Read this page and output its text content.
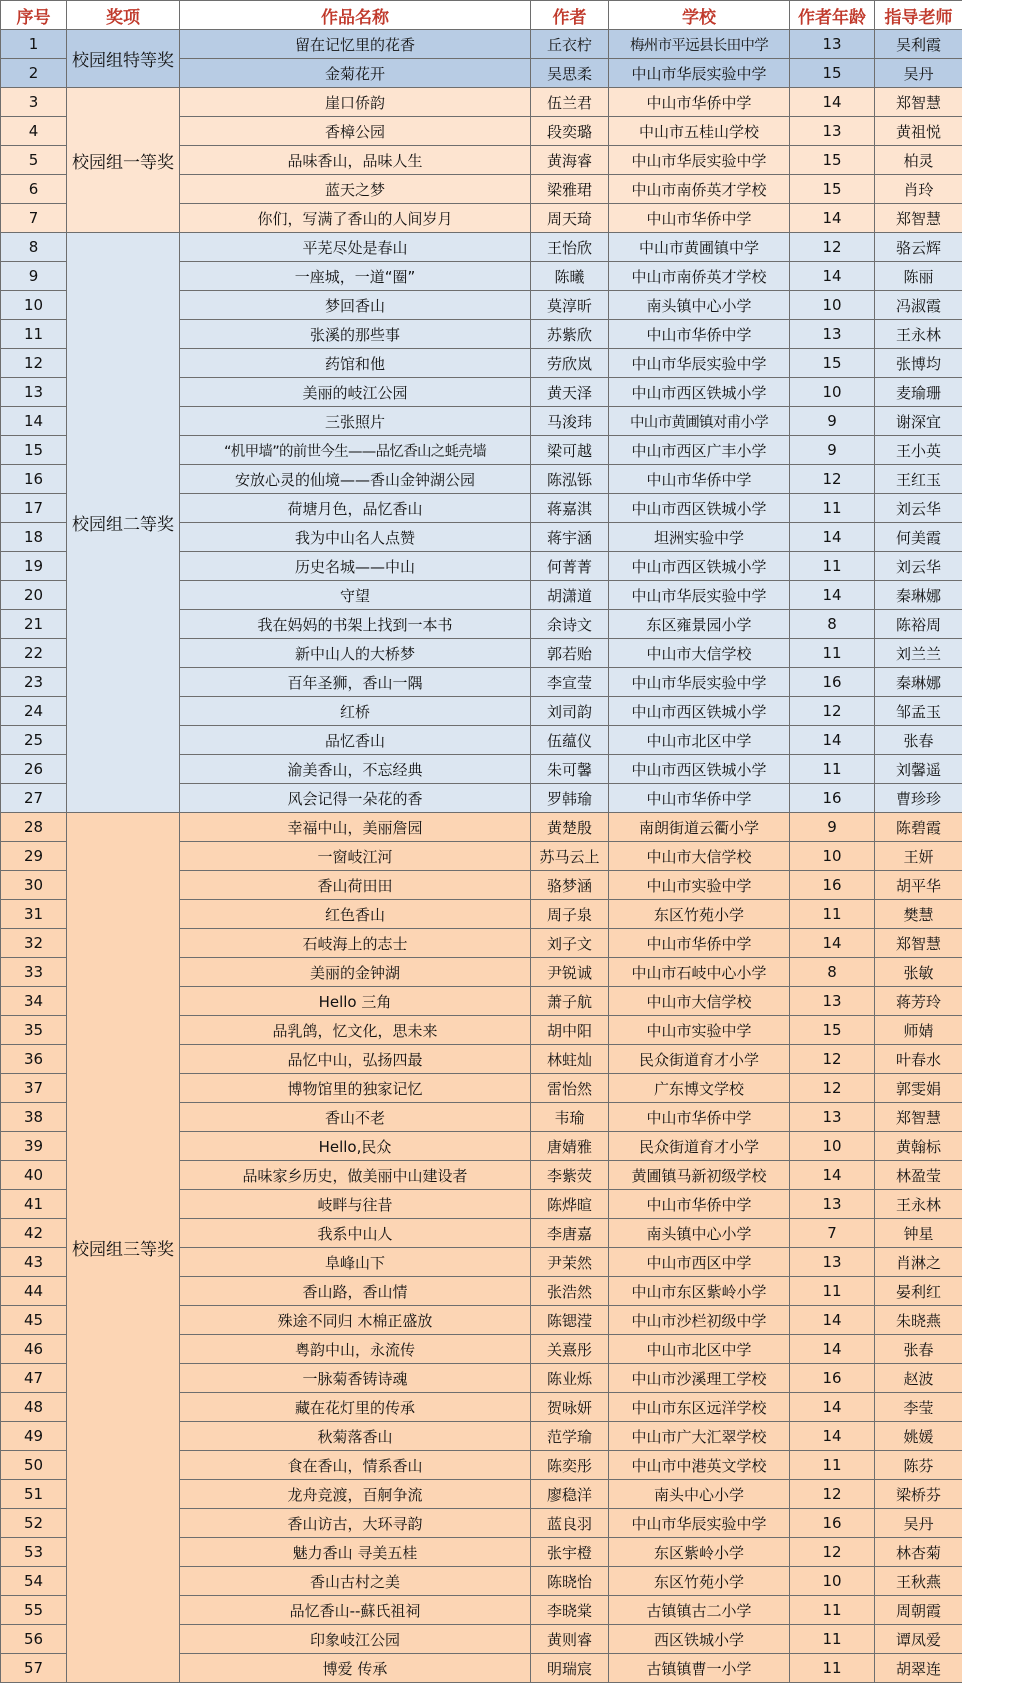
序号	奖项	作品名称	作者	学校	作者年龄	指导老师
1	校园组特等奖	留在记忆里的花香	丘衣柠	梅州市平远县长田中学	13	吴利霞
2		金菊花开	吴思柔	中山市华辰实验中学	15	吴丹
3	校园组一等奖	崖口侨韵	伍兰君	中山市华侨中学	14	郑智慧
4		香樟公园	段奕璐	中山市五桂山学校	13	黄祖悦
5		品味香山，品味人生	黄海睿	中山市华辰实验中学	15	柏灵
6		蓝天之梦	梁雅珺	中山市南侨英才学校	15	肖玲
7		你们，写满了香山的人间岁月	周天琦	中山市华侨中学	14	郑智慧
8	校园组二等奖	平芜尽处是春山	王怡欣	中山市黄圃镇中学	12	骆云辉
9		一座城，一道“圈”	陈曦	中山市南侨英才学校	14	陈丽
10		梦回香山	莫淳昕	南头镇中心小学	10	冯淑霞
11		张溪的那些事	苏紫欣	中山市华侨中学	13	王永林
12		药馆和他	劳欣岚	中山市华辰实验中学	15	张博均
13		美丽的岐江公园	黄天泽	中山市西区铁城小学	10	麦瑜珊
14		三张照片	马浚玮	中山市黄圃镇对甫小学	9	谢深宜
15		“机甲墙”的前世今生——品忆香山之蚝壳墙	梁可越	中山市西区广丰小学	9	王小英
16		安放心灵的仙境——香山金钟湖公园	陈泓铄	中山市华侨中学	12	王红玉
17		荷塘月色，品忆香山	蒋嘉淇	中山市西区铁城小学	11	刘云华
18		我为中山名人点赞	蒋宇涵	坦洲实验中学	14	何美霞
19		历史名城——中山	何菁菁	中山市西区铁城小学	11	刘云华
20		守望	胡潇道	中山市华辰实验中学	14	秦琳娜
21		我在妈妈的书架上找到一本书	余诗文	东区雍景园小学	8	陈裕周
22		新中山人的大桥梦	郭若贻	中山市大信学校	11	刘兰兰
23		百年圣狮，香山一隅	李宣莹	中山市华辰实验中学	16	秦琳娜
24		红桥	刘司韵	中山市西区铁城小学	12	邹孟玉
25		品忆香山	伍蕴仪	中山市北区中学	14	张春
26		渝美香山，不忘经典	朱可馨	中山市西区铁城小学	11	刘馨遥
27		风会记得一朵花的香	罗韩瑜	中山市华侨中学	16	曹珍珍
28	校园组三等奖	幸福中山，美丽詹园	黄楚殷	南朗街道云衢小学	9	陈碧霞
29		一窗岐江河	苏马云上	中山市大信学校	10	王妍
30		香山荷田田	骆梦涵	中山市实验中学	16	胡平华
31		红色香山	周子泉	东区竹苑小学	11	樊慧
32		石岐海上的志士	刘子文	中山市华侨中学	14	郑智慧
33		美丽的金钟湖	尹锐诚	中山市石岐中心小学	8	张敏
34		Hello 三角	萧子航	中山市大信学校	13	蒋芳玲
35		品乳鸽，忆文化，思未来	胡中阳	中山市实验中学	15	师婧
36		品忆中山，弘扬四最	林蛀灿	民众街道育才小学	12	叶春水
37		博物馆里的独家记忆	雷怡然	广东博文学校	12	郭雯娟
38		香山不老	韦瑜	中山市华侨中学	13	郑智慧
39		Hello,民众	唐婧雅	民众街道育才小学	10	黄翰标
40		品味家乡历史，做美丽中山建设者	李紫荧	黄圃镇马新初级学校	14	林盈莹
41		岐畔与往昔	陈烨暄	中山市华侨中学	13	王永林
42		我系中山人	李唐嘉	南头镇中心小学	7	钟星
43		阜峰山下	尹茉然	中山市西区中学	13	肖淋之
44		香山路，香山情	张浩然	中山市东区紫岭小学	11	晏利红
45		殊途不同归 木棉正盛放	陈锶滢	中山市沙栏初级中学	14	朱晓燕
46		粤韵中山，永流传	关熹彤	中山市北区中学	14	张春
47		一脉菊香铸诗魂	陈业烁	中山市沙溪理工学校	16	赵波
48		藏在花灯里的传承	贺咏妍	中山市东区远洋学校	14	李莹
49		秋菊落香山	范学瑜	中山市广大汇翠学校	14	姚媛
50		食在香山，情系香山	陈奕彤	中山市中港英文学校	11	陈芬
51		龙舟竞渡，百舸争流	廖稳洋	南头中心小学	12	梁桥芬
52		香山访古，大环寻韵	蓝良羽	中山市华辰实验中学	16	吴丹
53		魅力香山 寻美五桂	张宇橙	东区紫岭小学	12	林杏菊
54		香山古村之美	陈晓怡	东区竹苑小学	10	王秋燕
55		品忆香山--蘇氏祖祠	李晓棠	古镇镇古二小学	11	周朝霞
56		印象岐江公园	黄则睿	西区铁城小学	11	谭凤爱
57		博爱 传承	明瑞宸	古镇镇曹一小学	11	胡翠连
